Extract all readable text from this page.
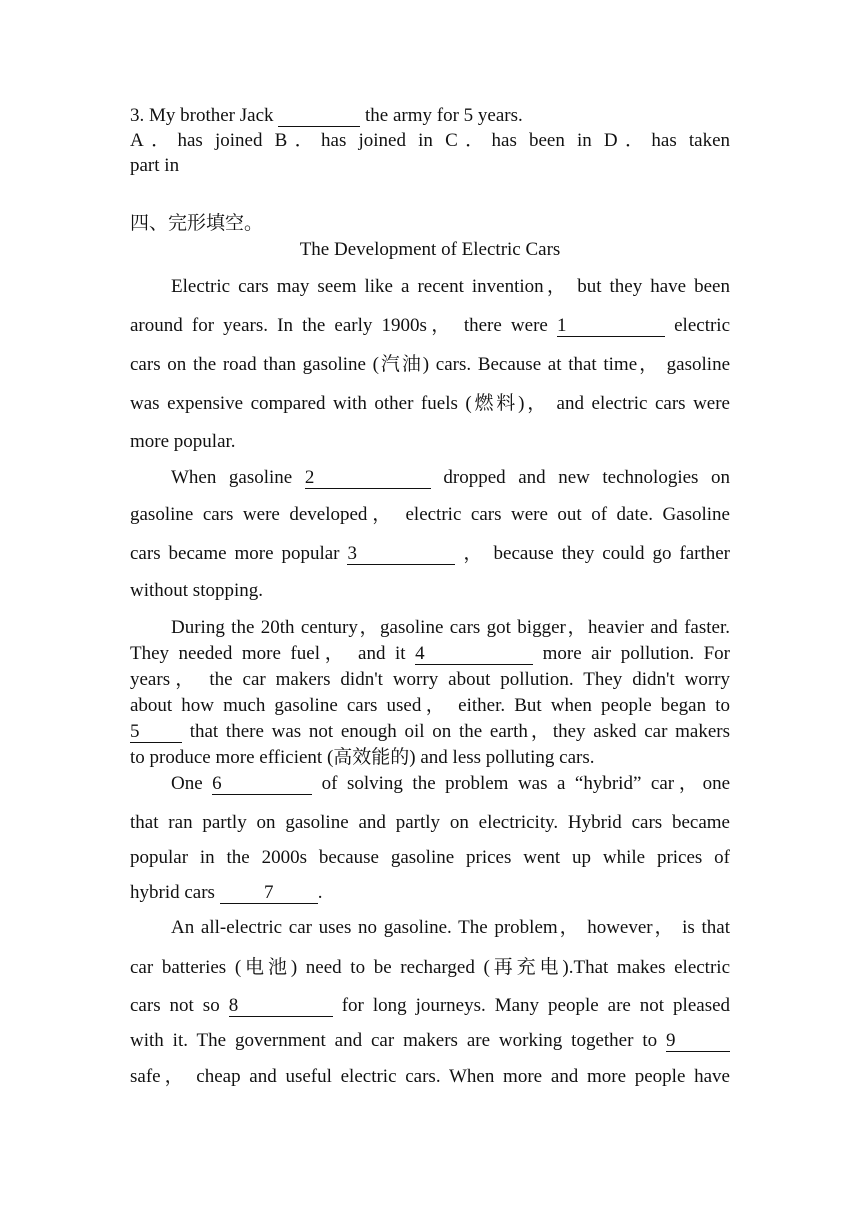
3. My brother Jack	the army for 5 years.
A．has joined B．has joined in C．has been in D．has taken
part in
四、完形填空。
The Development of Electric Cars
Electric cars may seem like a recent invention， but they have been
around for years. In the early 1900s， there were 1	electric
cars on the road than gasoline (汽油) cars. Because at that time， gasoline
was expensive compared with other fuels (燃料)， and electric cars were
more popular.
When gasoline 2	dropped and new technologies on
gasoline cars were developed， electric cars were out of date. Gasoline
cars became more popular 3	， because they could go farther
without stopping.
During the 20th century，gasoline cars got bigger，heavier and faster.
They needed more fuel， and it 4	more air pollution. For
years， the car makers didn't worry about pollution. They didn't worry
about how much gasoline cars used， either. But when people began to
5	that there was not enough oil on the earth，they asked car makers
to produce more efficient (高效能的) and less polluting cars.
One 6	of solving the problem was a “hybrid” car，one
that ran partly on gasoline and partly on electricity. Hybrid cars became
popular in the 2000s because gasoline prices went up while prices of
hybrid cars	7 .
An all-electric car uses no gasoline. The problem， however， is that
car batteries (电池) need to be recharged (再充电).That makes electric
cars not so 8	for long journeys. Many people are not pleased
with it. The government and car makers are working together to 9
safe， cheap and useful electric cars. When more and more people have
